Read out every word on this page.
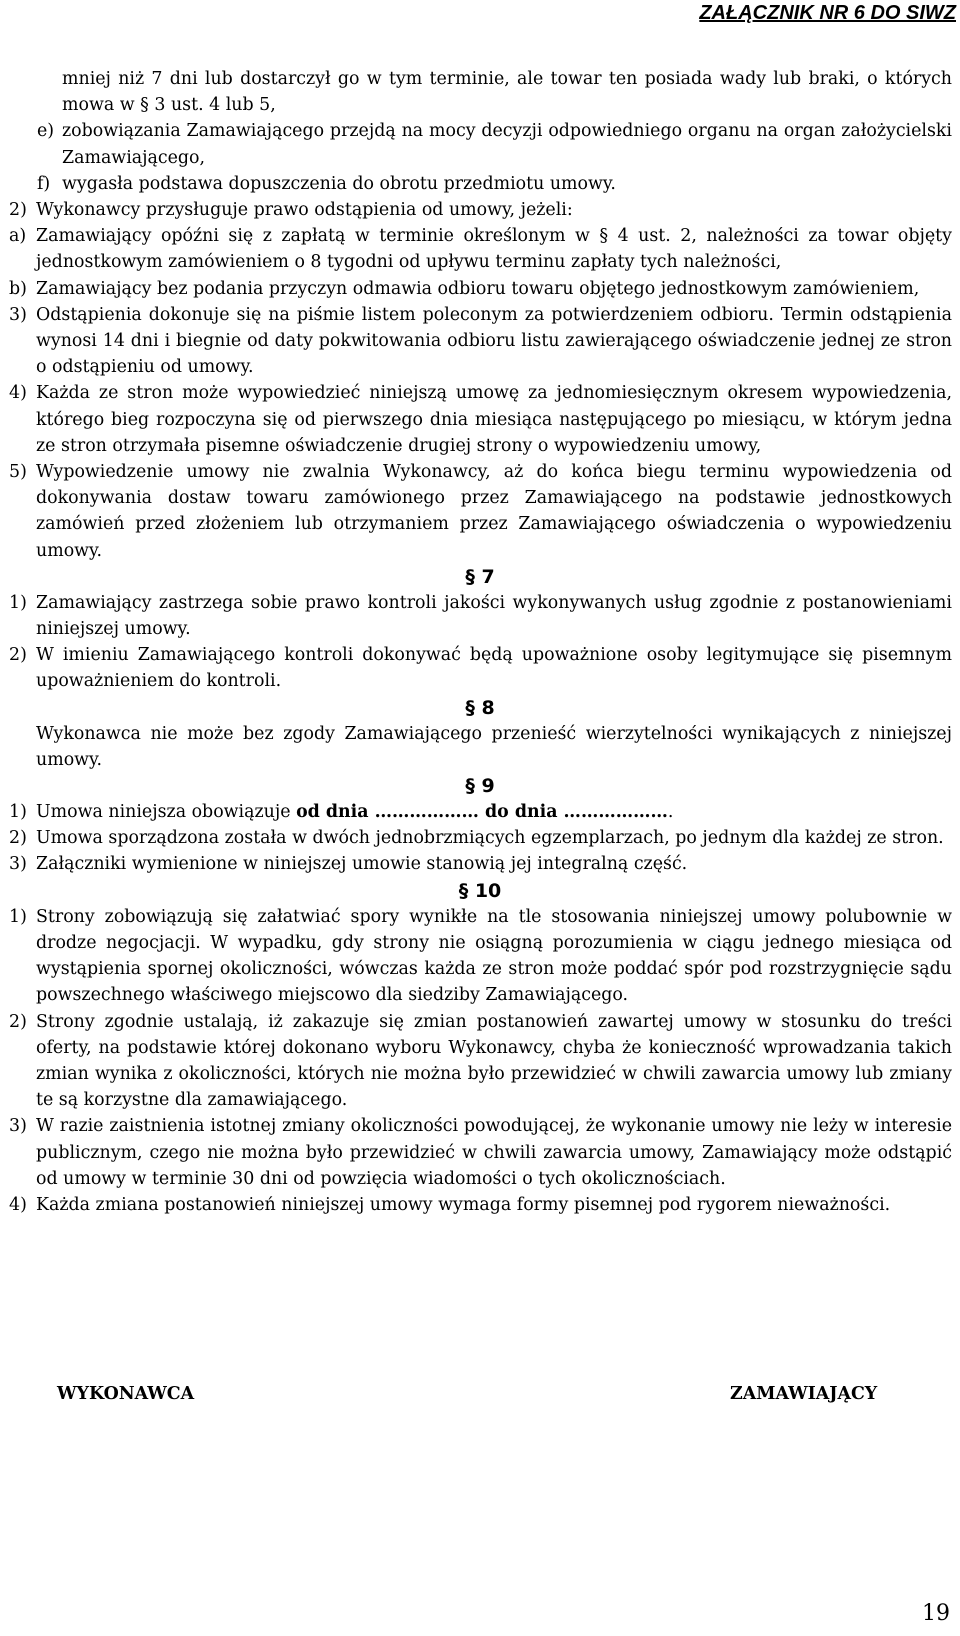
ZAŁĄCZNIK NR 6 DO SIWZ

mniej niż 7 dni lub dostarczył go w tym terminie, ale towar ten posiada wady lub braki, o których mowa w § 3 ust. 4 lub 5,

e) zobowiązania Zamawiającego przejdą na mocy decyzji odpowiedniego organu na organ założycielski Zamawiającego,
f) wygasła podstawa dopuszczenia do obrotu przedmiotu umowy.
2) Wykonawcy przysługuje prawo odstąpienia od umowy, jeżeli:
a) Zamawiający opóźni się z zapłatą w terminie określonym w § 4 ust. 2, należności za towar objęty jednostkowym zamówieniem o 8 tygodni od upływu terminu zapłaty tych należności,
b) Zamawiający bez podania przyczyn odmawia odbioru towaru objętego jednostkowym zamówieniem,
3) Odstąpienia dokonuje się na piśmie listem poleconym za potwierdzeniem odbioru. Termin odstąpienia wynosi 14 dni i biegnie od daty pokwitowania odbioru listu zawierającego oświadczenie jednej ze stron o odstąpieniu od umowy.
4) Każda ze stron może wypowiedzieć niniejszą umowę za jednomiesięcznym okresem wypowiedzenia, którego bieg rozpoczyna się od pierwszego dnia miesiąca następującego po miesiącu, w którym jedna ze stron otrzymała pisemne oświadczenie drugiej strony o wypowiedzeniu umowy,
5) Wypowiedzenie umowy nie zwalnia Wykonawcy, aż do końca biegu terminu wypowiedzenia od dokonywania dostaw towaru zamówionego przez Zamawiającego na podstawie jednostkowych zamówień przed złożeniem lub otrzymaniem przez Zamawiającego oświadczenia o wypowiedzeniu umowy.

§ 7

1) Zamawiający zastrzega sobie prawo kontroli jakości wykonywanych usług zgodnie z postanowieniami niniejszej umowy.
2) W imieniu Zamawiającego kontroli dokonywać będą upoważnione osoby legitymujące się pisemnym upoważnieniem do kontroli.

§ 8

Wykonawca nie może bez zgody Zamawiającego przenieść wierzytelności wynikających z niniejszej umowy.

§ 9

1) Umowa niniejsza obowiązuje od dnia ……………… do dnia ……………….
2) Umowa sporządzona została w dwóch jednobrzmiących egzemplarzach, po jednym dla każdej ze stron.
3) Załączniki wymienione w niniejszej umowie stanowią jej integralną część.

§ 10

1) Strony zobowiązują się załatwiać spory wynikłe na tle stosowania niniejszej umowy polubownie w drodze negocjacji. W wypadku, gdy strony nie osiągną porozumienia w ciągu jednego miesiąca od wystąpienia spornej okoliczności, wówczas każda ze stron może poddać spór pod rozstrzygnięcie sądu powszechnego właściwego miejscowo dla siedziby Zamawiającego.
2) Strony zgodnie ustalają, iż zakazuje się zmian postanowień zawartej umowy w stosunku do treści oferty, na podstawie której dokonano wyboru Wykonawcy, chyba że konieczność wprowadzania takich zmian wynika z okoliczności, których nie można było przewidzieć w chwili zawarcia umowy lub zmiany te są korzystne dla zamawiającego.
3) W razie zaistnienia istotnej zmiany okoliczności powodującej, że wykonanie umowy nie leży w interesie publicznym, czego nie można było przewidzieć w chwili zawarcia umowy, Zamawiający może odstąpić od umowy w terminie 30 dni od powzięcia wiadomości o tych okolicznościach.
4) Każda zmiana postanowień niniejszej umowy wymaga formy pisemnej pod rygorem nieważności.
WYKONAWCA	ZAMAWIAJĄCY
19
